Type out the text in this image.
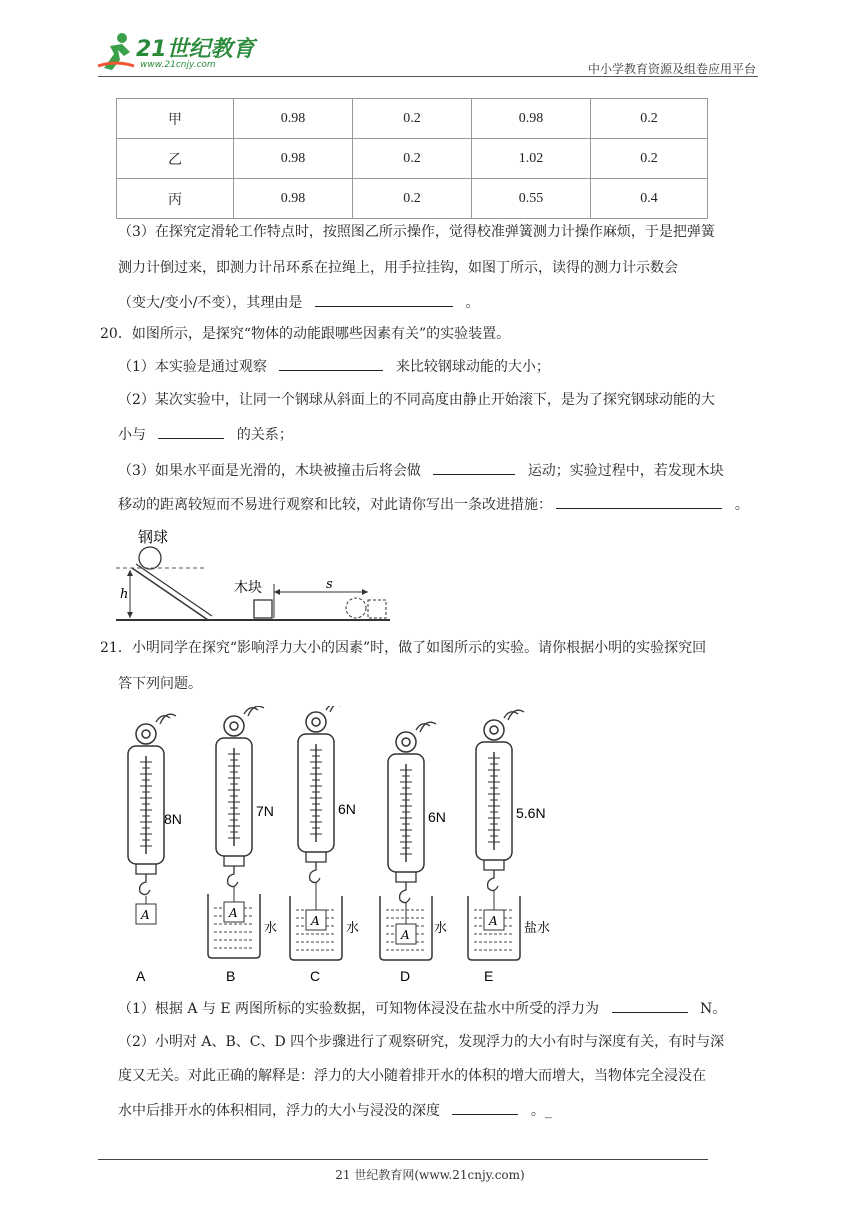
21世纪教育
www.21cnjy.com	中小学教育资源及组卷应用平台
甲	0.98	0.2	0.98	0.2
乙	0.98	0.2	1.02	0.2
丙	0.98	0.2	0.55	0.4
（3）在探究定滑轮工作特点时，按照图乙所示操作，觉得校准弹簧测力计操作麻烦，于是把弹簧
测力计倒过来，即测力计吊环系在拉绳上，用手拉挂钩，如图丁所示，读得的测力计示数会
（变大/变小/不变），其理由是	。
20．如图所示，是探究“物体的动能跟哪些因素有关”的实验装置。
（1）本实验是通过观察	来比较钢球动能的大小；
（2）某次实验中，让同一个钢球从斜面上的不同高度由静止开始滚下，是为了探究钢球动能的大
小与	的关系；
（3）如果水平面是光滑的，木块被撞击后将会做	运动；实验过程中，若发现木块
移动的距离较短而不易进行观察和比较，对此请你写出一条改进措施：	。
钢球
h	木块	s
21．小明同学在探究“影响浮力大小的因素”时，做了如图所示的实验。请你根据小明的实验探究回
答下列问题。
A
8N
A
A
7N
水
B
A
6N
水
C
A
6N
水
D
A
5.6N
盐水
E
（1）根据 A 与 E 两图所标的实验数据，可知物体浸没在盐水中所受的浮力为	N。
（2）小明对 A、B、C、D 四个步骤进行了观察研究，发现浮力的大小有时与深度有关，有时与深
度又无关。对此正确的解释是：浮力的大小随着排开水的体积的增大而增大，当物体完全浸没在
水中后排开水的体积相同，浮力的大小与浸没的深度	。_
21 世纪教育网(www.21cnjy.com)
